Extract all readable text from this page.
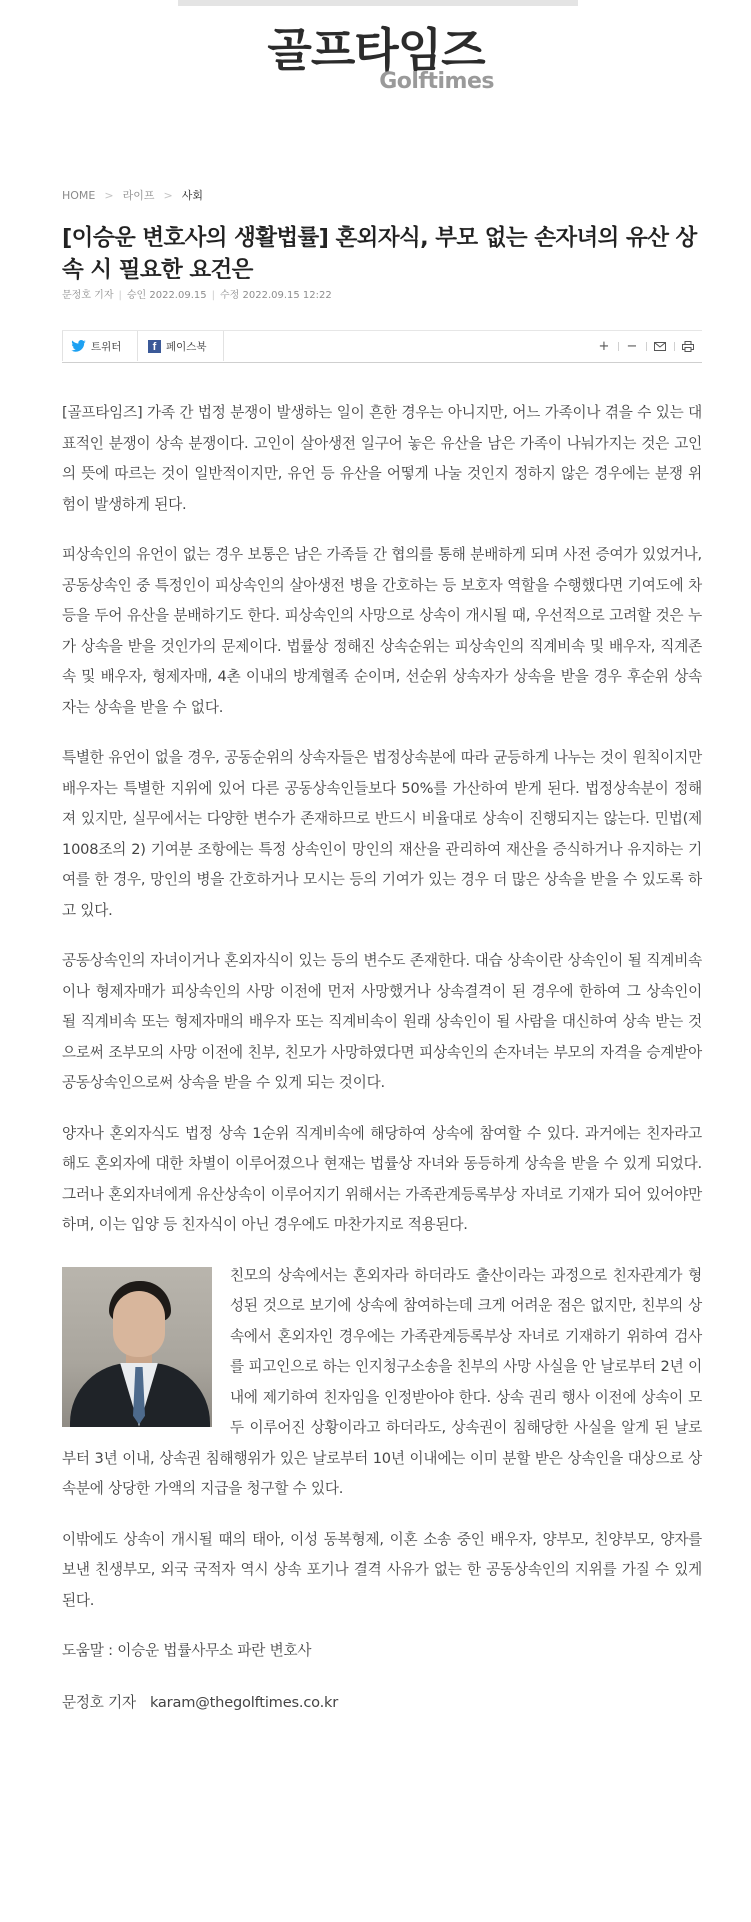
골프타임즈
Golftimes
HOME > 라이프 > 사회
[이승운 변호사의 생활법률] 혼외자식, 부모 없는 손자녀의 유산 상속 시 필요한 요건은
문정호 기자 | 승인 2022.09.15 | 수정 2022.09.15 12:22
트위터	f 페이스북	+	−

[골프타임즈] 가족 간 법정 분쟁이 발생하는 일이 흔한 경우는 아니지만, 어느 가족이나 겪을 수 있는 대표적인 분쟁이 상속 분쟁이다. 고인이 살아생전 일구어 놓은 유산을 남은 가족이 나눠가지는 것은 고인의 뜻에 따르는 것이 일반적이지만, 유언 등 유산을 어떻게 나눌 것인지 정하지 않은 경우에는 분쟁 위험이 발생하게 된다.

피상속인의 유언이 없는 경우 보통은 남은 가족들 간 협의를 통해 분배하게 되며 사전 증여가 있었거나, 공동상속인 중 특정인이 피상속인의 살아생전 병을 간호하는 등 보호자 역할을 수행했다면 기여도에 차등을 두어 유산을 분배하기도 한다. 피상속인의 사망으로 상속이 개시될 때, 우선적으로 고려할 것은 누가 상속을 받을 것인가의 문제이다. 법률상 정해진 상속순위는 피상속인의 직계비속 및 배우자, 직계존속 및 배우자, 형제자매, 4촌 이내의 방계혈족 순이며, 선순위 상속자가 상속을 받을 경우 후순위 상속자는 상속을 받을 수 없다.

특별한 유언이 없을 경우, 공동순위의 상속자들은 법정상속분에 따라 균등하게 나누는 것이 원칙이지만 배우자는 특별한 지위에 있어 다른 공동상속인들보다 50%를 가산하여 받게 된다. 법정상속분이 정해져 있지만, 실무에서는 다양한 변수가 존재하므로 반드시 비율대로 상속이 진행되지는 않는다. 민법(제1008조의 2) 기여분 조항에는 특정 상속인이 망인의 재산을 관리하여 재산을 증식하거나 유지하는 기여를 한 경우, 망인의 병을 간호하거나 모시는 등의 기여가 있는 경우 더 많은 상속을 받을 수 있도록 하고 있다.

공동상속인의 자녀이거나 혼외자식이 있는 등의 변수도 존재한다. 대습 상속이란 상속인이 될 직계비속이나 형제자매가 피상속인의 사망 이전에 먼저 사망했거나 상속결격이 된 경우에 한하여 그 상속인이 될 직계비속 또는 형제자매의 배우자 또는 직계비속이 원래 상속인이 될 사람을 대신하여 상속 받는 것으로써 조부모의 사망 이전에 친부, 친모가 사망하였다면 피상속인의 손자녀는 부모의 자격을 승계받아 공동상속인으로써 상속을 받을 수 있게 되는 것이다.

양자나 혼외자식도 법정 상속 1순위 직계비속에 해당하여 상속에 참여할 수 있다. 과거에는 친자라고 해도 혼외자에 대한 차별이 이루어졌으나 현재는 법률상 자녀와 동등하게 상속을 받을 수 있게 되었다. 그러나 혼외자녀에게 유산상속이 이루어지기 위해서는 가족관계등록부상 자녀로 기재가 되어 있어야만 하며, 이는 입양 등 친자식이 아닌 경우에도 마찬가지로 적용된다.

친모의 상속에서는 혼외자라 하더라도 출산이라는 과정으로 친자관계가 형성된 것으로 보기에 상속에 참여하는데 크게 어려운 점은 없지만, 친부의 상속에서 혼외자인 경우에는 가족관계등록부상 자녀로 기재하기 위하여 검사를 피고인으로 하는 인지청구소송을 친부의 사망 사실을 안 날로부터 2년 이내에 제기하여 친자임을 인정받아야 한다. 상속 권리 행사 이전에 상속이 모두 이루어진 상황이라고 하더라도, 상속권이 침해당한 사실을 알게 된 날로부터 3년 이내, 상속권 침해행위가 있은 날로부터 10년 이내에는 이미 분할 받은 상속인을 대상으로 상속분에 상당한 가액의 지급을 청구할 수 있다.

이밖에도 상속이 개시될 때의 태아, 이성 동복형제, 이혼 소송 중인 배우자, 양부모, 친양부모, 양자를 보낸 친생부모, 외국 국적자 역시 상속 포기나 결격 사유가 없는 한 공동상속인의 지위를 가질 수 있게 된다.

도움말 : 이승운 법률사무소 파란 변호사
문정호 기자 karam@thegolftimes.co.kr
